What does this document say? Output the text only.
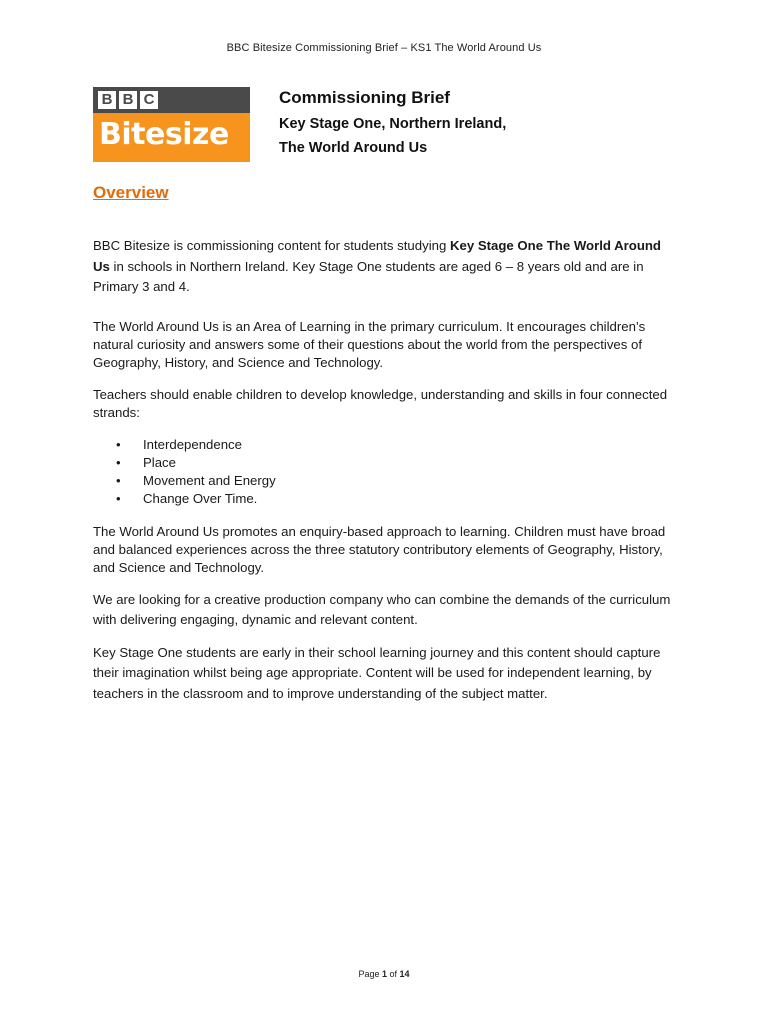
BBC Bitesize Commissioning Brief – KS1 The World Around Us
B B C
Bitesize
Commissioning Brief
Key Stage One, Northern Ireland,
The World Around Us
Overview

BBC Bitesize is commissioning content for students studying Key Stage One The World Around Us in schools in Northern Ireland. Key Stage One students are aged 6 – 8 years old and are in Primary 3 and 4.

The World Around Us is an Area of Learning in the primary curriculum. It encourages children’s natural curiosity and answers some of their questions about the world from the perspectives of Geography, History, and Science and Technology.

Teachers should enable children to develop knowledge, understanding and skills in four connected strands:

• Interdependence
• Place
• Movement and Energy
• Change Over Time.

The World Around Us promotes an enquiry-based approach to learning. Children must have broad and balanced experiences across the three statutory contributory elements of Geography, History, and Science and Technology.

We are looking for a creative production company who can combine the demands of the curriculum with delivering engaging, dynamic and relevant content.

Key Stage One students are early in their school learning journey and this content should capture their imagination whilst being age appropriate. Content will be used for independent learning, by teachers in the classroom and to improve understanding of the subject matter.

Page 1 of 14
